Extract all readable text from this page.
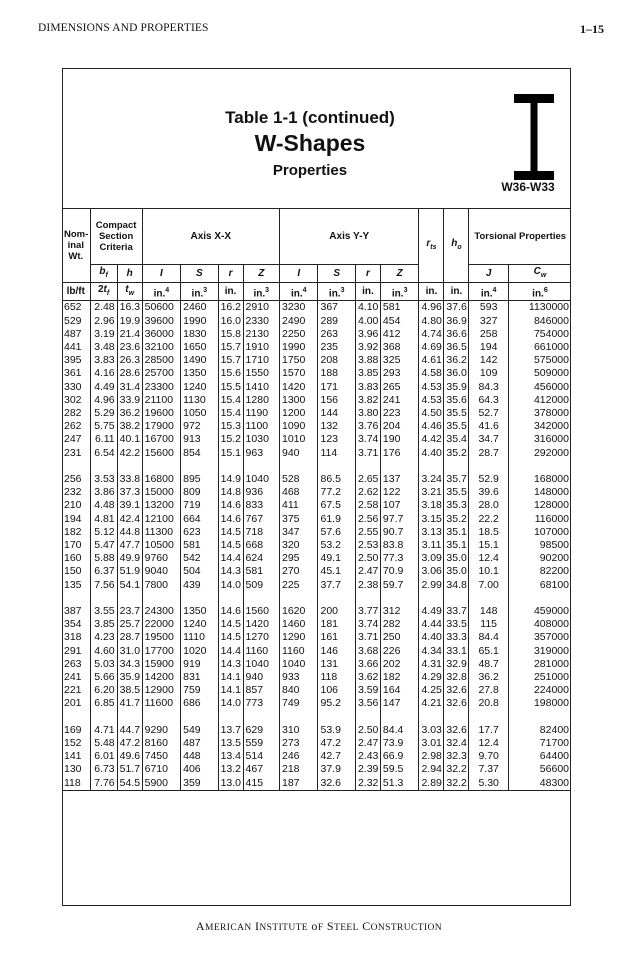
DIMENSIONS AND PROPERTIES	1–15
Table 1-1 (continued)
W-Shapes
Properties
W36-W33
Nom-inal Wt.	Compact Section Criteria		Axis X-X				Axis Y-Y				$r_{ts}$	$h_o$	Torsional Properties	
	$b_f$	h	I	S	r	Z	I	S	r	Z			J	$C_w$
lb/ft	$2t_f$	$t_w$	in.$^4$	in.$^3$	in.	in.$^3$	in.$^4$	in.$^3$	in.	in.$^3$	in.	in.	in.$^4$	in.$^6$
652	2.48	16.3	50600	2460	16.2	2910	3230	367	4.10	581	4.96	37.6	593	1130000
529	2.96	19.9	39600	1990	16.0	2330	2490	289	4.00	454	4.80	36.9	327	846000
487	3.19	21.4	36000	1830	15.8	2130	2250	263	3.96	412	4.74	36.6	258	754000
441	3.48	23.6	32100	1650	15.7	1910	1990	235	3.92	368	4.69	36.5	194	661000
395	3.83	26.3	28500	1490	15.7	1710	1750	208	3.88	325	4.61	36.2	142	575000
361	4.16	28.6	25700	1350	15.6	1550	1570	188	3.85	293	4.58	36.0	109	509000
330	4.49	31.4	23300	1240	15.5	1410	1420	171	3.83	265	4.53	35.9	84.3	456000
302	4.96	33.9	21100	1130	15.4	1280	1300	156	3.82	241	4.53	35.6	64.3	412000
282	5.29	36.2	19600	1050	15.4	1190	1200	144	3.80	223	4.50	35.5	52.7	378000
262	5.75	38.2	17900	972	15.3	1100	1090	132	3.76	204	4.46	35.5	41.6	342000
247	6.11	40.1	16700	913	15.2	1030	1010	123	3.74	190	4.42	35.4	34.7	316000
231	6.54	42.2	15600	854	15.1	963	940	114	3.71	176	4.40	35.2	28.7	292000

256	3.53	33.8	16800	895	14.9	1040	528	86.5	2.65	137	3.24	35.7	52.9	168000
232	3.86	37.3	15000	809	14.8	936	468	77.2	2.62	122	3.21	35.5	39.6	148000
210	4.48	39.1	13200	719	14.6	833	411	67.5	2.58	107	3.18	35.3	28.0	128000
194	4.81	42.4	12100	664	14.6	767	375	61.9	2.56	97.7	3.15	35.2	22.2	116000
182	5.12	44.8	11300	623	14.5	718	347	57.6	2.55	90.7	3.13	35.1	18.5	107000
170	5.47	47.7	10500	581	14.5	668	320	53.2	2.53	83.8	3.11	35.1	15.1	98500
160	5.88	49.9	9760	542	14.4	624	295	49.1	2.50	77.3	3.09	35.0	12.4	90200
150	6.37	51.9	9040	504	14.3	581	270	45.1	2.47	70.9	3.06	35.0	10.1	82200
135	7.56	54.1	7800	439	14.0	509	225	37.7	2.38	59.7	2.99	34.8	7.00	68100

387	3.55	23.7	24300	1350	14.6	1560	1620	200	3.77	312	4.49	33.7	148	459000
354	3.85	25.7	22000	1240	14.5	1420	1460	181	3.74	282	4.44	33.5	115	408000
318	4.23	28.7	19500	1110	14.5	1270	1290	161	3.71	250	4.40	33.3	84.4	357000
291	4.60	31.0	17700	1020	14.4	1160	1160	146	3.68	226	4.34	33.1	65.1	319000
263	5.03	34.3	15900	919	14.3	1040	1040	131	3.66	202	4.31	32.9	48.7	281000
241	5.66	35.9	14200	831	14.1	940	933	118	3.62	182	4.29	32.8	36.2	251000
221	6.20	38.5	12900	759	14.1	857	840	106	3.59	164	4.25	32.6	27.8	224000
201	6.85	41.7	11600	686	14.0	773	749	95.2	3.56	147	4.21	32.6	20.8	198000

169	4.71	44.7	9290	549	13.7	629	310	53.9	2.50	84.4	3.03	32.6	17.7	82400
152	5.48	47.2	8160	487	13.5	559	273	47.2	2.47	73.9	3.01	32.4	12.4	71700
141	6.01	49.6	7450	448	13.4	514	246	42.7	2.43	66.9	2.98	32.3	9.70	64400
130	6.73	51.7	6710	406	13.2	467	218	37.9	2.39	59.5	2.94	32.2	7.37	56600
118	7.76	54.5	5900	359	13.0	415	187	32.6	2.32	51.3	2.89	32.2	5.30	48300
AMERICAN INSTITUTE oF STEEL CONSTRUCTION
